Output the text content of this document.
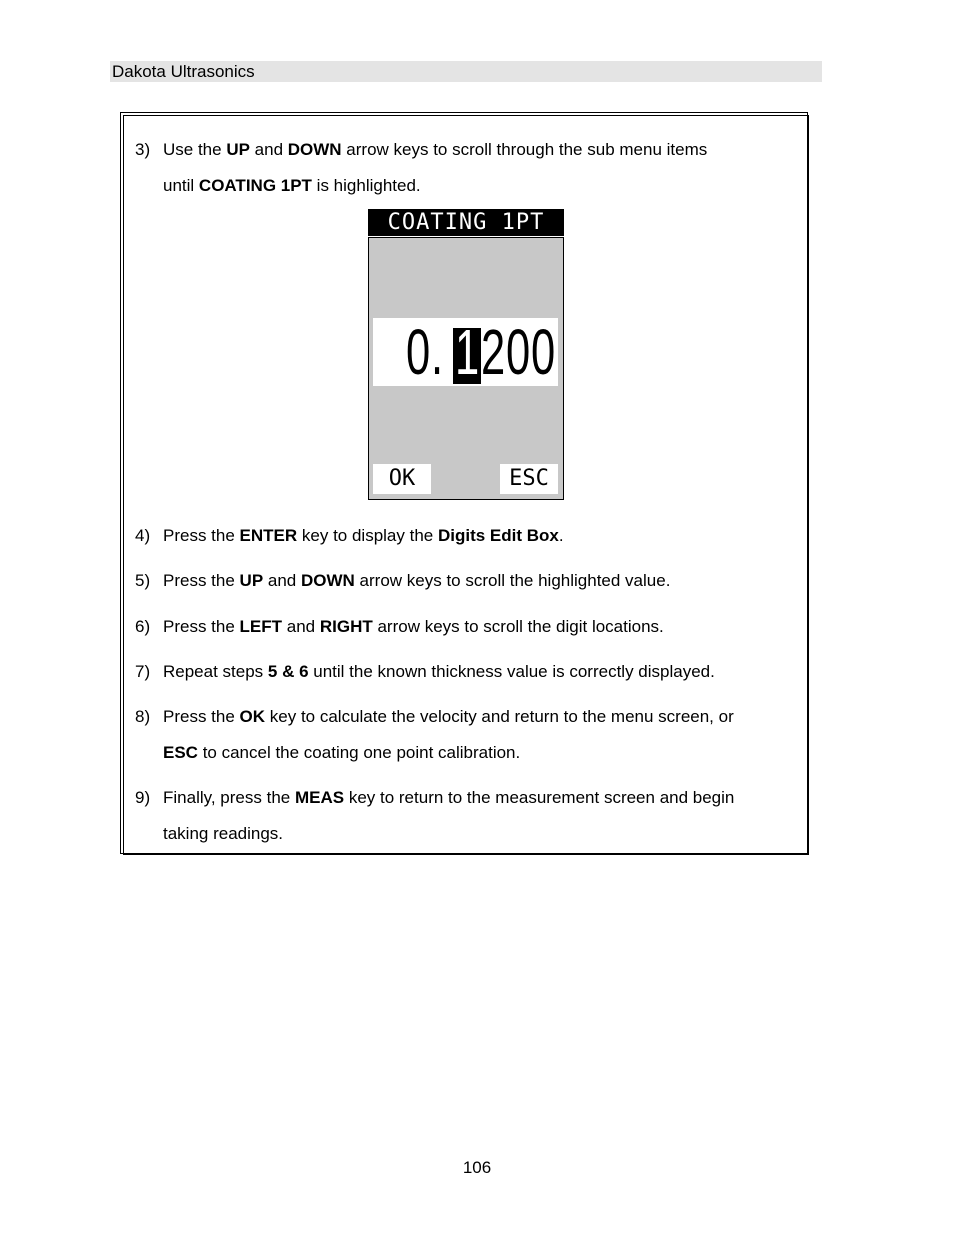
Dakota Ultrasonics
3) Use the UP and DOWN arrow keys to scroll through the sub menu items
until COATING 1PT is highlighted.
COATING 1PT
0 . 1 2 0 0
OK	ESC
4) Press the ENTER key to display the Digits Edit Box.
5) Press the UP and DOWN arrow keys to scroll the highlighted value.
6) Press the LEFT and RIGHT arrow keys to scroll the digit locations.
7) Repeat steps 5 & 6 until the known thickness value is correctly displayed.
8) Press the OK key to calculate the velocity and return to the menu screen, or
ESC to cancel the coating one point calibration.
9) Finally, press the MEAS key to return to the measurement screen and begin
taking readings.
106
